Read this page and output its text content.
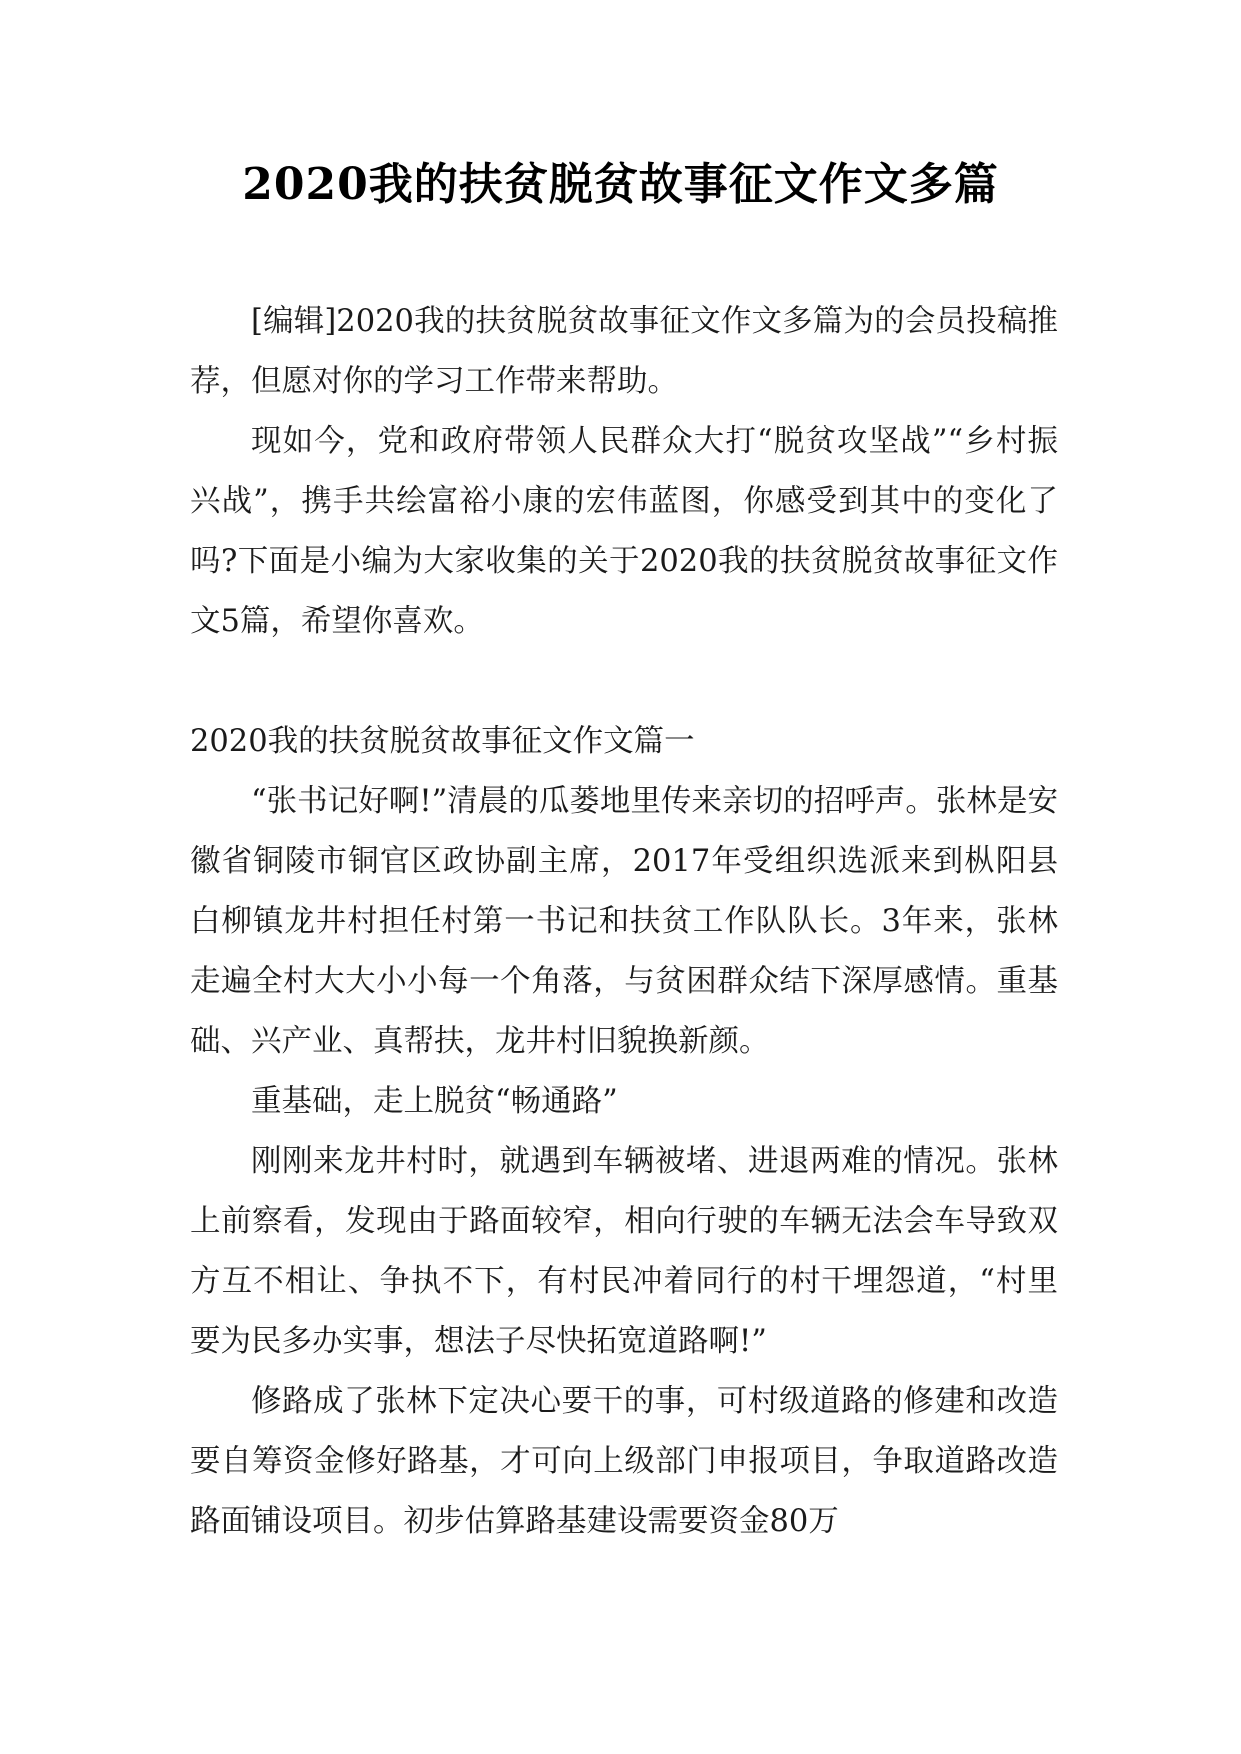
2020我的扶贫脱贫故事征文作文多篇

[编辑]2020我的扶贫脱贫故事征文作文多篇为的会员投稿推荐，但愿对你的学习工作带来帮助。

现如今，党和政府带领人民群众大打“脱贫攻坚战”“乡村振兴战”，携手共绘富裕小康的宏伟蓝图，你感受到其中的变化了吗?下面是小编为大家收集的关于2020我的扶贫脱贫故事征文作文5篇，希望你喜欢。

2020我的扶贫脱贫故事征文作文篇一

“张书记好啊!”清晨的瓜蒌地里传来亲切的招呼声。张林是安徽省铜陵市铜官区政协副主席，2017年受组织选派来到枞阳县白柳镇龙井村担任村第一书记和扶贫工作队队长。3年来，张林走遍全村大大小小每一个角落，与贫困群众结下深厚感情。重基础、兴产业、真帮扶，龙井村旧貌换新颜。

重基础，走上脱贫“畅通路”

刚刚来龙井村时，就遇到车辆被堵、进退两难的情况。张林上前察看，发现由于路面较窄，相向行驶的车辆无法会车导致双方互不相让、争执不下，有村民冲着同行的村干埋怨道，“村里要为民多办实事，想法子尽快拓宽道路啊!”

修路成了张林下定决心要干的事，可村级道路的修建和改造要自筹资金修好路基，才可向上级部门申报项目，争取道路改造路面铺设项目。初步估算路基建设需要资金80万
